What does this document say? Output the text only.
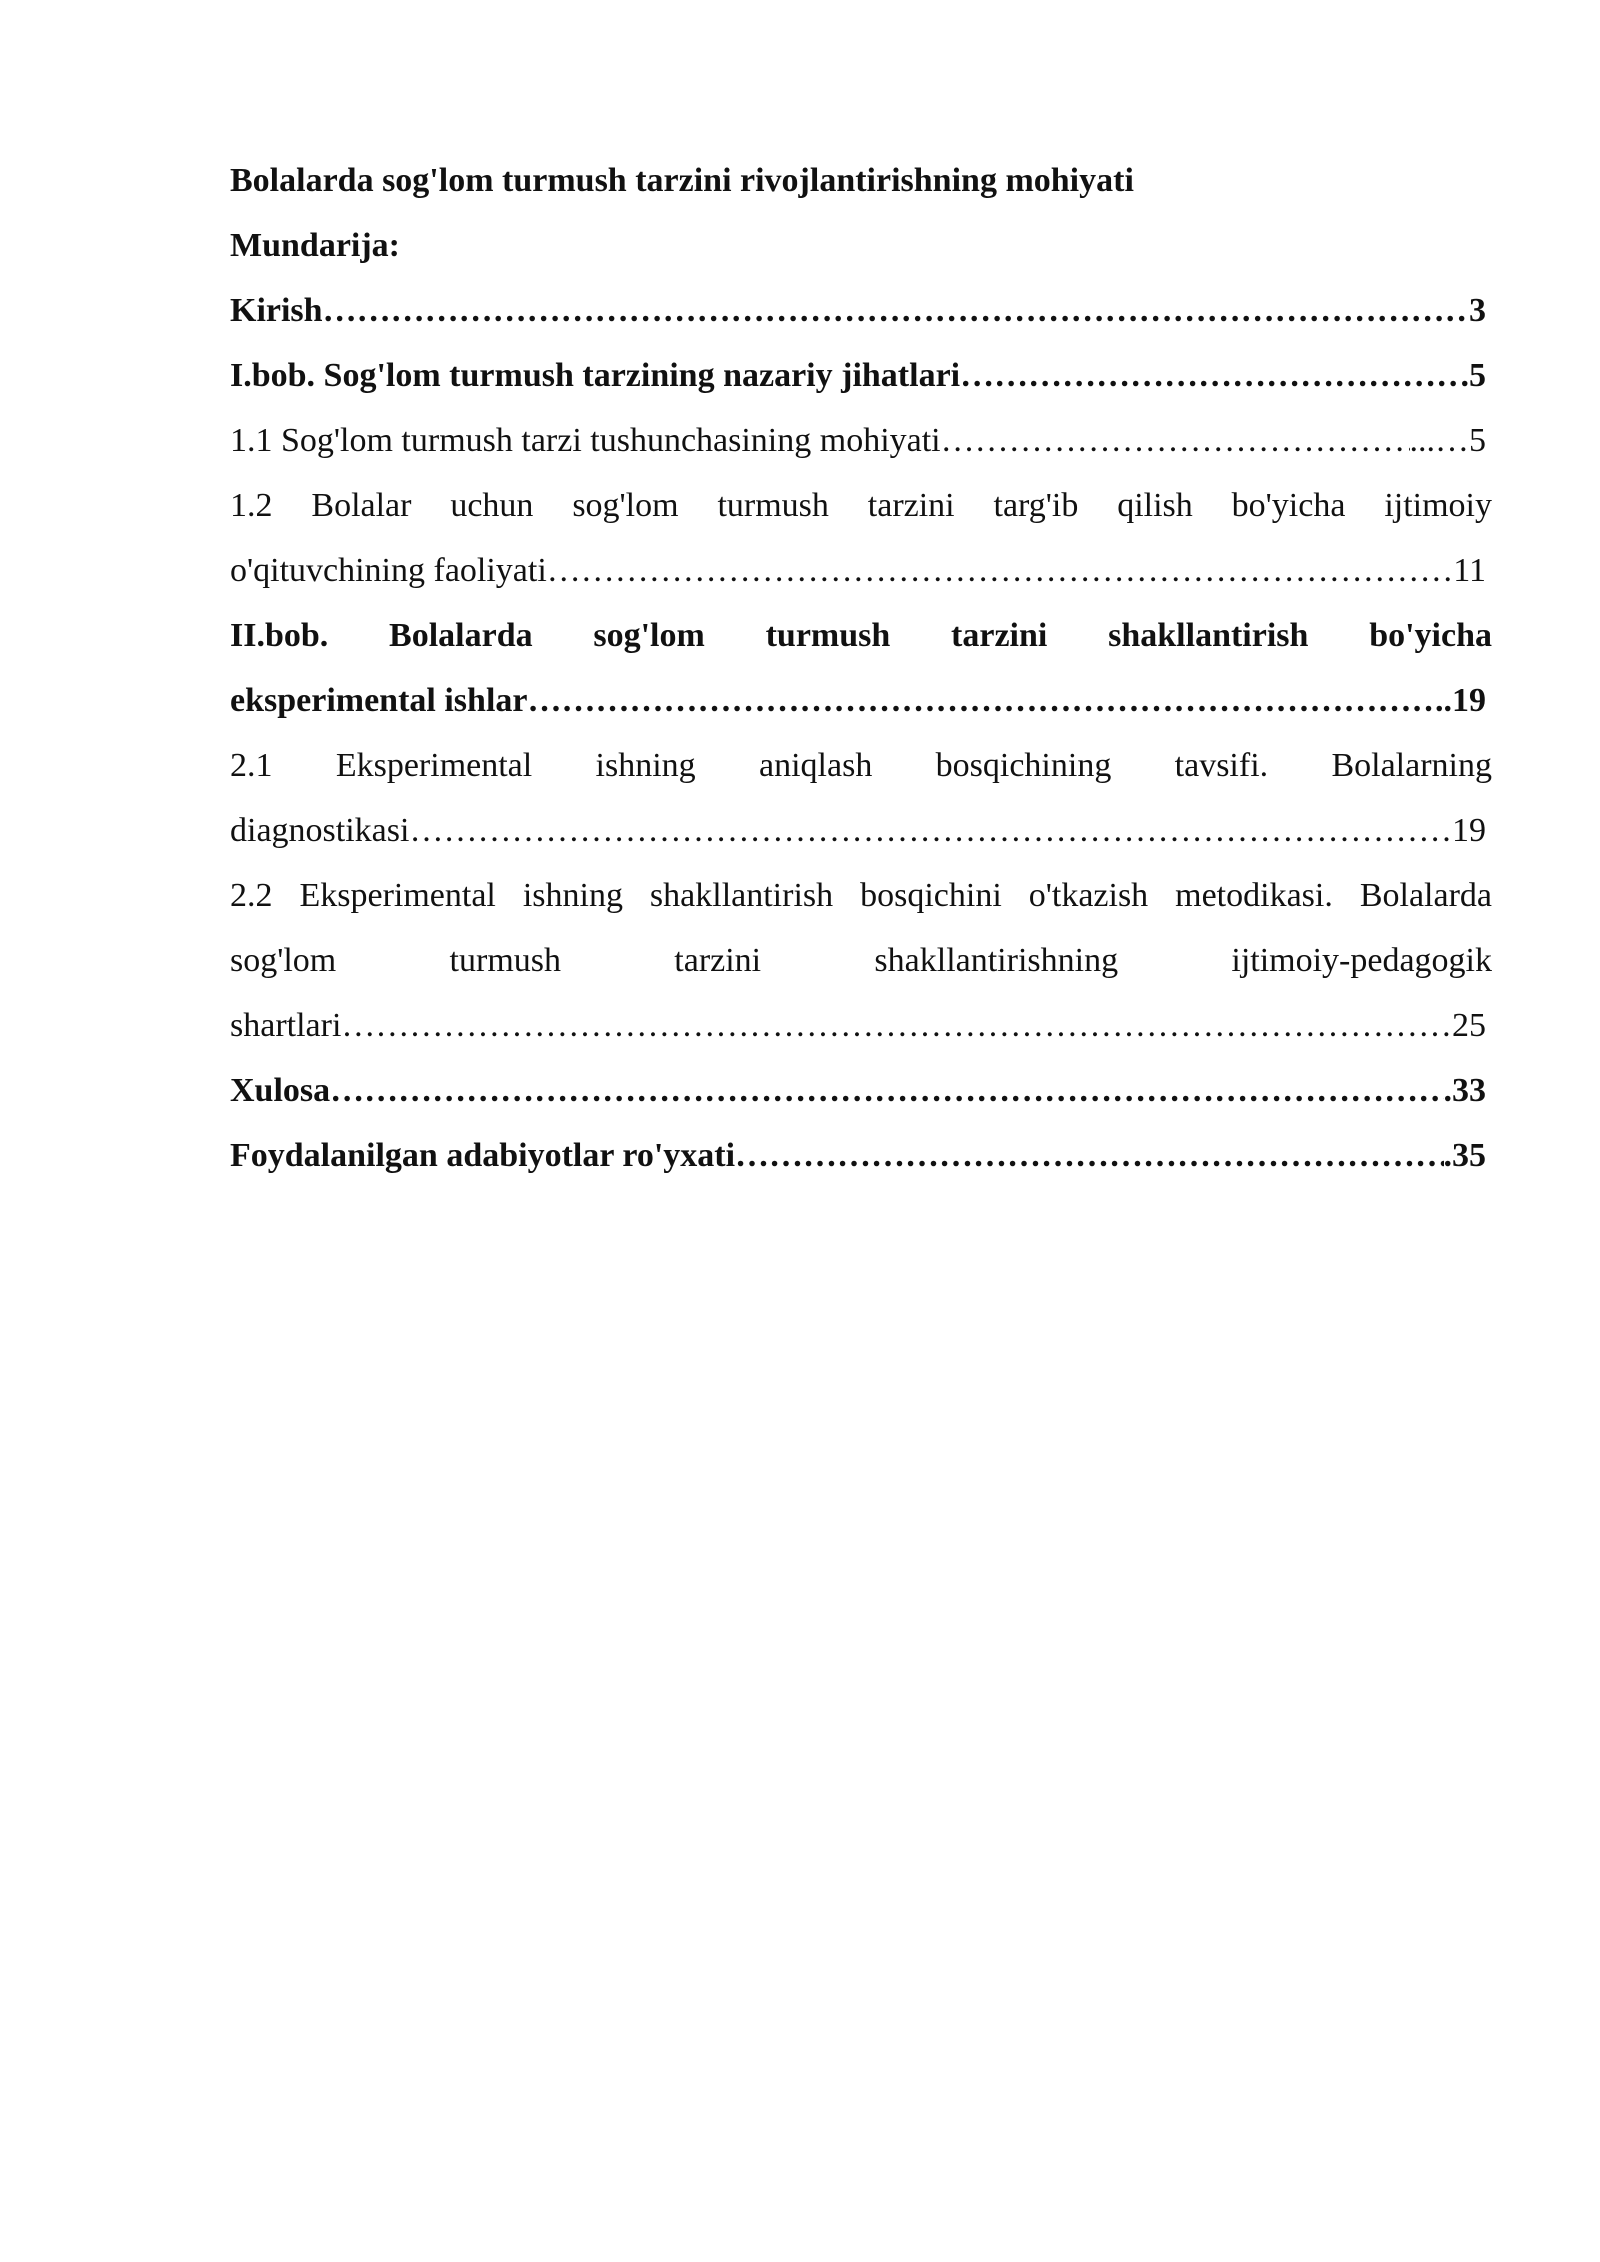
Bolalarda sog'lom turmush tarzini rivojlantirishning mohiyati
Mundarija:
Kirish ……………………………………………………………………………………………………………………………………………………………………………………	3
I.bob. Sog'lom turmush tarzining nazariy jihatlari ……………………………………………………………………………………………………………………………………………………………………………………	. 5
1.1 Sog'lom turmush tarzi tushunchasining mohiyati ……………………………………………………………………………………………………………………………………………………………………………………	...… 5
1.2 Bolalar uchun sog'lom turmush tarzini targ'ib qilish bo'yicha ijtimoiy
o'qituvchining faoliyati ……………………………………………………………………………………………………………………………………………………………………………………	11
II.bob. Bolalarda sog'lom turmush tarzini shakllantirish bo'yicha
eksperimental ishlar ……………………………………………………………………………………………………………………………………………………………………………………	.. 19
2.1 Eksperimental ishning aniqlash bosqichining tavsifi. Bolalarning
diagnostikasi ……………………………………………………………………………………………………………………………………………………………………………………	19
2.2 Eksperimental ishning shakllantirish bosqichini o'tkazish metodikasi. Bolalarda
sog'lom turmush tarzini shakllantirishning ijtimoiy-pedagogik
shartlari ……………………………………………………………………………………………………………………………………………………………………………………	25
Xulosa ……………………………………………………………………………………………………………………………………………………………………………………	. 33
Foydalanilgan adabiyotlar ro'yxati ……………………………………………………………………………………………………………………………………………………………………………………	. 35
